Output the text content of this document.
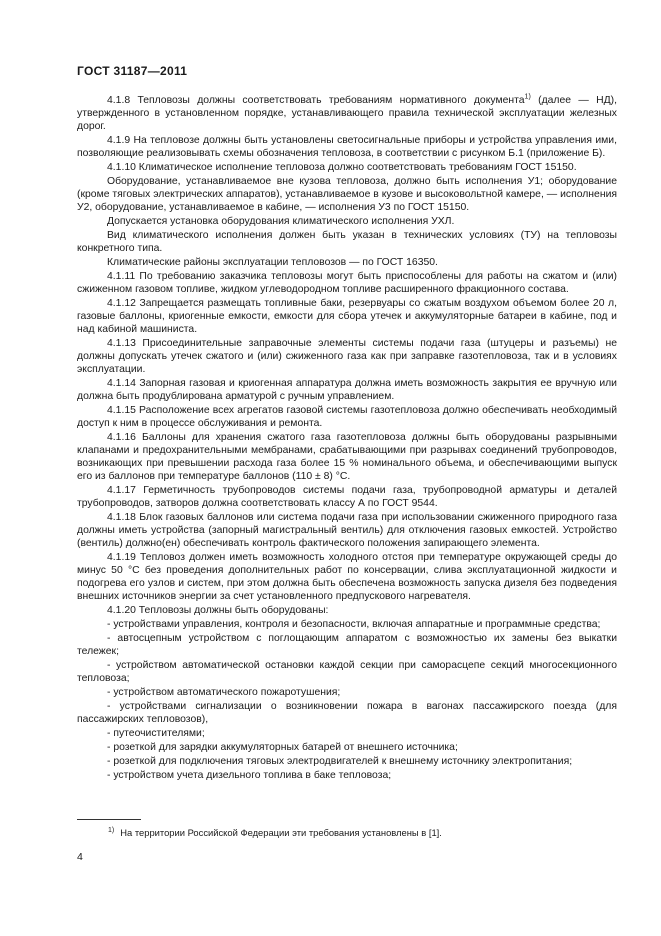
ГОСТ 31187—2011

4.1.8 Тепловозы должны соответствовать требованиям нормативного документа$^{1)}$ (далее — НД), утвержденного в установленном порядке, устанавливающего правила технической эксплуатации железных дорог.

4.1.9 На тепловозе должны быть установлены светосигнальные приборы и устройства управления ими, позволяющие реализовывать схемы обозначения тепловоза, в соответствии с рисунком Б.1 (приложение Б).

4.1.10 Климатическое исполнение тепловоза должно соответствовать требованиям ГОСТ 15150.

Оборудование, устанавливаемое вне кузова тепловоза, должно быть исполнения У1; оборудование (кроме тяговых электрических аппаратов), устанавливаемое в кузове и высоковольтной камере, — исполнения У2, оборудование, устанавливаемое в кабине, — исполнения У3 по ГОСТ 15150.

Допускается установка оборудования климатического исполнения УХЛ.

Вид климатического исполнения должен быть указан в технических условиях (ТУ) на тепловозы конкретного типа.

Климатические районы эксплуатации тепловозов — по ГОСТ 16350.

4.1.11 По требованию заказчика тепловозы могут быть приспособлены для работы на сжатом и (или) сжиженном газовом топливе, жидком углеводородном топливе расширенного фракционного состава.

4.1.12 Запрещается размещать топливные баки, резервуары со сжатым воздухом объемом более 20 л, газовые баллоны, криогенные емкости, емкости для сбора утечек и аккумуляторные батареи в кабине, под и над кабиной машиниста.

4.1.13 Присоединительные заправочные элементы системы подачи газа (штуцеры и разъемы) не должны допускать утечек сжатого и (или) сжиженного газа как при заправке газотепловоза, так и в условиях эксплуатации.

4.1.14 Запорная газовая и криогенная аппаратура должна иметь возможность закрытия ее вручную или должна быть продублирована арматурой с ручным управлением.

4.1.15 Расположение всех агрегатов газовой системы газотепловоза должно обеспечивать необходимый доступ к ним в процессе обслуживания и ремонта.

4.1.16 Баллоны для хранения сжатого газа газотепловоза должны быть оборудованы разрывными клапанами и предохранительными мембранами, срабатывающими при разрывах соединений трубопроводов, возникающих при превышении расхода газа более 15 % номинального объема, и обеспечивающими выпуск его из баллонов при температуре баллонов (110 ± 8) °С.

4.1.17 Герметичность трубопроводов системы подачи газа, трубопроводной арматуры и деталей трубопроводов, затворов должна соответствовать классу А по ГОСТ 9544.

4.1.18 Блок газовых баллонов или система подачи газа при использовании сжиженного природного газа должны иметь устройства (запорный магистральный вентиль) для отключения газовых емкостей. Устройство (вентиль) должно(ен) обеспечивать контроль фактического положения запирающего элемента.

4.1.19 Тепловоз должен иметь возможность холодного отстоя при температуре окружающей среды до минус 50 °С без проведения дополнительных работ по консервации, слива эксплуатационной жидкости и подогрева его узлов и систем, при этом должна быть обеспечена возможность запуска дизеля без подведения внешних источников энергии за счет установленного предпускового нагревателя.

4.1.20 Тепловозы должны быть оборудованы:

- устройствами управления, контроля и безопасности, включая аппаратные и программные средства;

- автосцепным устройством с поглощающим аппаратом с возможностью их замены без выкатки тележек;

- устройством автоматической остановки каждой секции при саморасцепе секций многосекционного тепловоза;

- устройством автоматического пожаротушения;

- устройствами сигнализации о возникновении пожара в вагонах пассажирского поезда (для пассажирских тепловозов),

- путеочистителями;

- розеткой для зарядки аккумуляторных батарей от внешнего источника;

- розеткой для подключения тяговых электродвигателей к внешнему источнику электропитания;

- устройством учета дизельного топлива в баке тепловоза;

$^{1)}$ На территории Российской Федерации эти требования установлены в [1].
4
